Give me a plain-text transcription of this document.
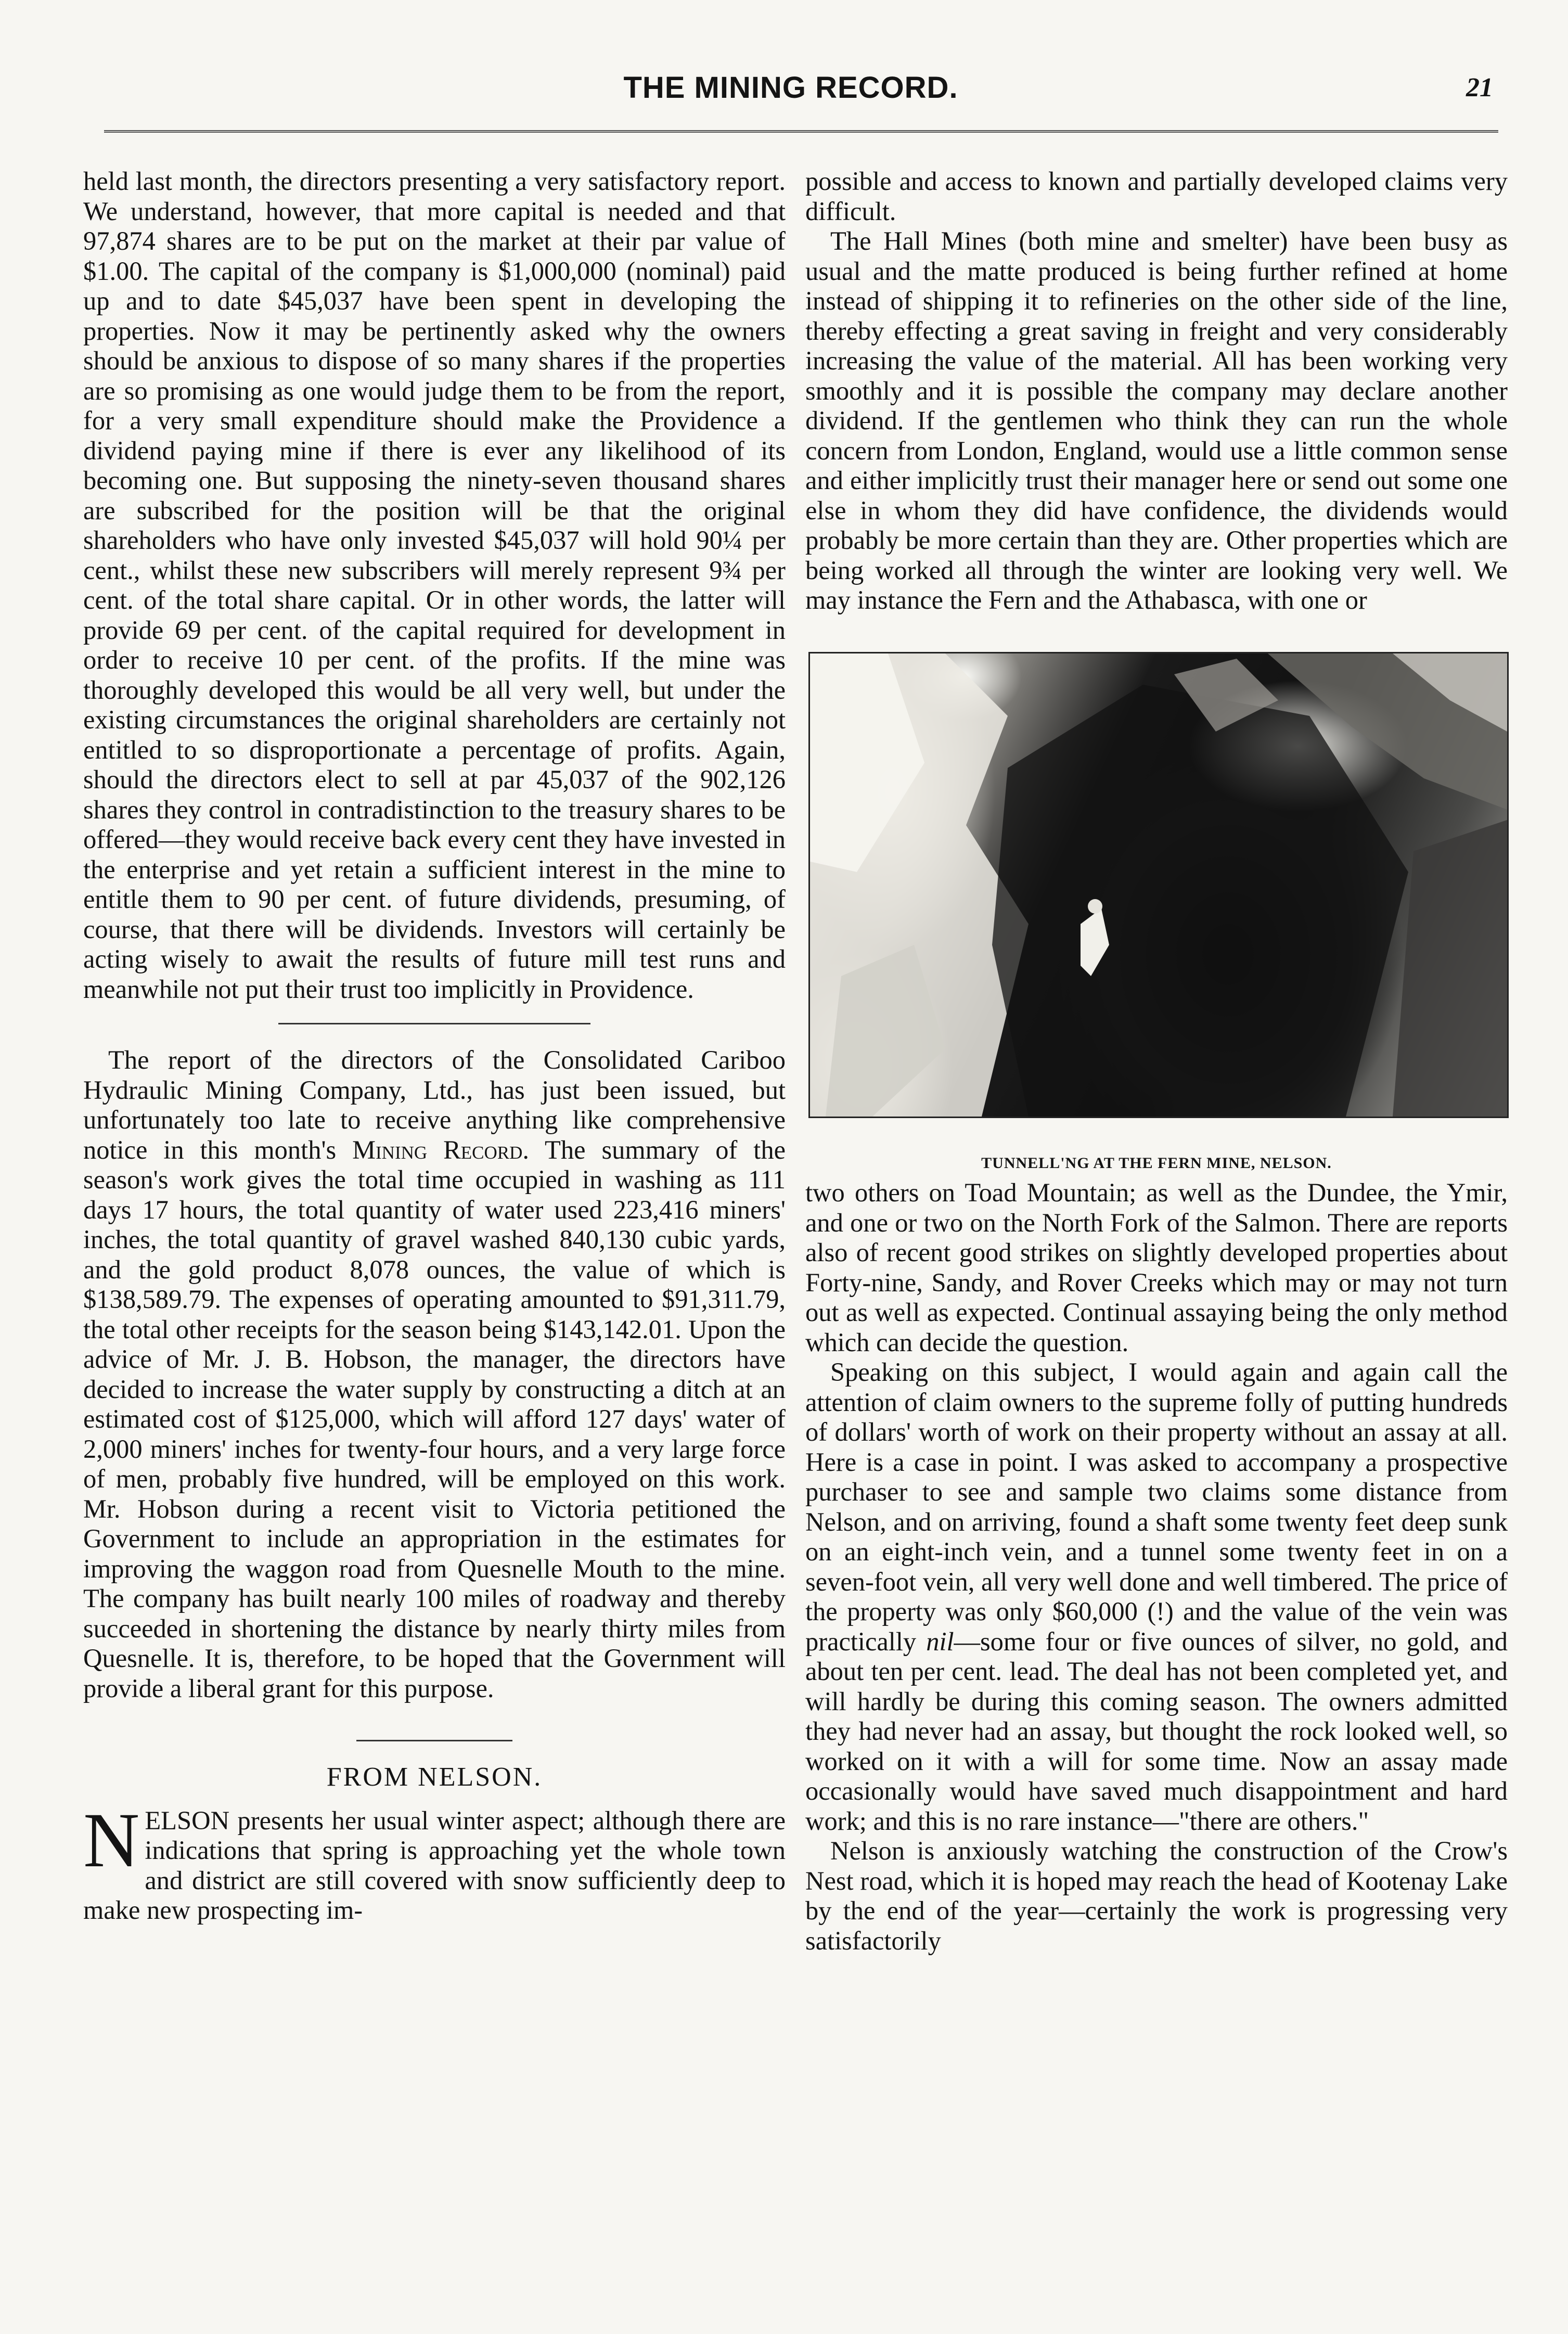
THE MINING RECORD.	21

held last month, the directors presenting a very satisfactory report. We understand, however, that more capital is needed and that 97,874 shares are to be put on the market at their par value of $1.00. The capital of the company is $1,000,000 (nominal) paid up and to date $45,037 have been spent in developing the properties. Now it may be pertinently asked why the owners should be anxious to dispose of so many shares if the properties are so promising as one would judge them to be from the report, for a very small expenditure should make the Providence a dividend paying mine if there is ever any likelihood of its becoming one. But supposing the ninety-seven thousand shares are subscribed for the position will be that the original shareholders who have only invested $45,037 will hold 90¼ per cent., whilst these new subscribers will merely represent 9¾ per cent. of the total share capital. Or in other words, the latter will provide 69 per cent. of the capital required for development in order to receive 10 per cent. of the profits. If the mine was thoroughly developed this would be all very well, but under the existing circumstances the original shareholders are certainly not entitled to so disproportionate a percentage of profits. Again, should the directors elect to sell at par 45,037 of the 902,126 shares they control in contradistinction to the treasury shares to be offered—they would receive back every cent they have invested in the enterprise and yet retain a sufficient interest in the mine to entitle them to 90 per cent. of future dividends, presuming, of course, that there will be dividends. Investors will certainly be acting wisely to await the results of future mill test runs and meanwhile not put their trust too implicitly in Providence.

The report of the directors of the Consolidated Cariboo Hydraulic Mining Company, Ltd., has just been issued, but unfortunately too late to receive anything like comprehensive notice in this month's Mining Record. The summary of the season's work gives the total time occupied in washing as 111 days 17 hours, the total quantity of water used 223,416 miners' inches, the total quantity of gravel washed 840,130 cubic yards, and the gold product 8,078 ounces, the value of which is $138,589.79. The expenses of operating amounted to $91,311.79, the total other receipts for the season being $143,142.01. Upon the advice of Mr. J. B. Hobson, the manager, the directors have decided to increase the water supply by constructing a ditch at an estimated cost of $125,000, which will afford 127 days' water of 2,000 miners' inches for twenty-four hours, and a very large force of men, probably five hundred, will be employed on this work. Mr. Hobson during a recent visit to Victoria petitioned the Government to include an appropriation in the estimates for improving the waggon road from Quesnelle Mouth to the mine. The company has built nearly 100 miles of roadway and thereby succeeded in shortening the distance by nearly thirty miles from Quesnelle. It is, therefore, to be hoped that the Government will provide a liberal grant for this purpose.

FROM NELSON.

NELSON presents her usual winter aspect; although there are indications that spring is approaching yet the whole town and district are still covered with snow sufficiently deep to make new prospecting im-

possible and access to known and partially developed claims very difficult.

The Hall Mines (both mine and smelter) have been busy as usual and the matte produced is being further refined at home instead of shipping it to refineries on the other side of the line, thereby effecting a great saving in freight and very considerably increasing the value of the material. All has been working very smoothly and it is possible the company may declare another dividend. If the gentlemen who think they can run the whole concern from London, England, would use a little common sense and either implicitly trust their manager here or send out some one else in whom they did have confidence, the dividends would probably be more certain than they are. Other properties which are being worked all through the winter are looking very well. We may instance the Fern and the Athabasca, with one or

TUNNELL'NG AT THE FERN MINE, NELSON.

two others on Toad Mountain; as well as the Dundee, the Ymir, and one or two on the North Fork of the Salmon. There are reports also of recent good strikes on slightly developed properties about Forty-nine, Sandy, and Rover Creeks which may or may not turn out as well as expected. Continual assaying being the only method which can decide the question.

Speaking on this subject, I would again and again call the attention of claim owners to the supreme folly of putting hundreds of dollars' worth of work on their property without an assay at all. Here is a case in point. I was asked to accompany a prospective purchaser to see and sample two claims some distance from Nelson, and on arriving, found a shaft some twenty feet deep sunk on an eight-inch vein, and a tunnel some twenty feet in on a seven-foot vein, all very well done and well timbered. The price of the property was only $60,000 (!) and the value of the vein was practically nil—some four or five ounces of silver, no gold, and about ten per cent. lead. The deal has not been completed yet, and will hardly be during this coming season. The owners admitted they had never had an assay, but thought the rock looked well, so worked on it with a will for some time. Now an assay made occasionally would have saved much disappointment and hard work; and this is no rare instance—"there are others."

Nelson is anxiously watching the construction of the Crow's Nest road, which it is hoped may reach the head of Kootenay Lake by the end of the year—certainly the work is progressing very satisfactorily
